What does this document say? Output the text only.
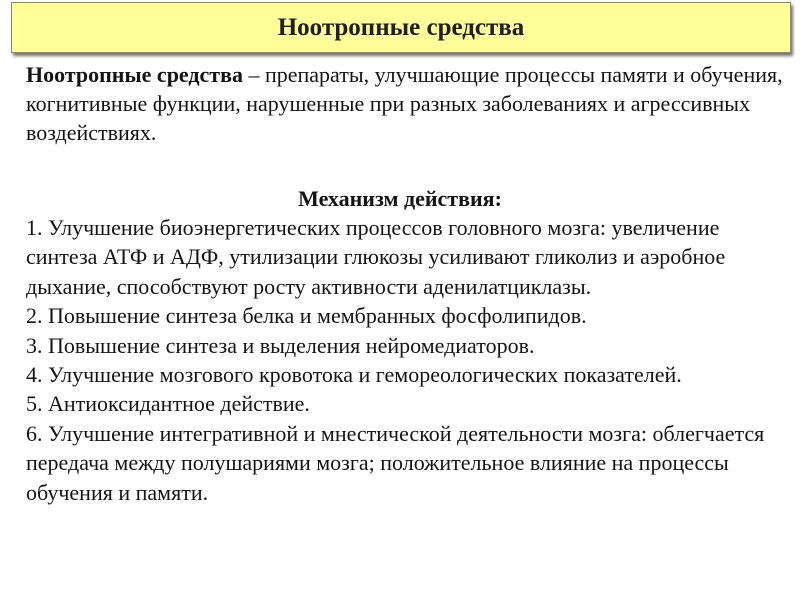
Ноотропные средства
Ноотропные средства – препараты, улучшающие процессы памяти и обучения, когнитивные функции, нарушенные при разных заболеваниях и агрессивных воздействиях.
Механизм действия:
1. Улучшение биоэнергетических процессов головного мозга: увеличение синтеза АТФ и АДФ, утилизации глюкозы усиливают гликолиз и аэробное дыхание, способствуют росту активности аденилатциклазы.
2. Повышение синтеза белка и мембранных фосфолипидов.
3. Повышение синтеза и выделения нейромедиаторов.
4. Улучшение мозгового кровотока и гемореологических показателей.
5. Антиоксидантное действие.
6. Улучшение интегративной и мнестической деятельности мозга: облегчается передача между полушариями мозга; положительное влияние на процессы обучения и памяти.
